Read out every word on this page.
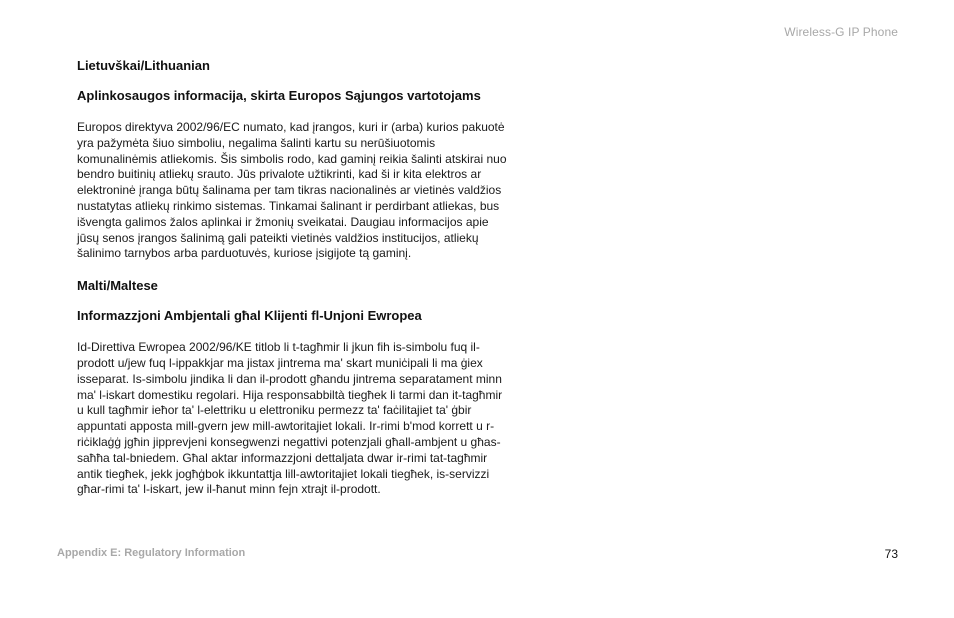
Wireless-G IP Phone
Lietuvškai/Lithuanian
Aplinkosaugos informacija, skirta Europos Sąjungos vartotojams

Europos direktyva 2002/96/EC numato, kad įrangos, kuri ir (arba) kurios pakuotė
yra pažymėta šiuo simboliu, negalima šalinti kartu su nerūšiuotomis
komunalinėmis atliekomis. Šis simbolis rodo, kad gaminį reikia šalinti atskirai nuo
bendro buitinių atliekų srauto. Jūs privalote užtikrinti, kad ši ir kita elektros ar
elektroninė įranga būtų šalinama per tam tikras nacionalinės ar vietinės valdžios
nustatytas atliekų rinkimo sistemas. Tinkamai šalinant ir perdirbant atliekas, bus
išvengta galimos žalos aplinkai ir žmonių sveikatai. Daugiau informacijos apie
jūsų senos įrangos šalinimą gali pateikti vietinės valdžios institucijos, atliekų
šalinimo tarnybos arba parduotuvės, kuriose įsigijote tą gaminį.

Malti/Maltese
Informazzjoni Ambjentali għal Klijenti fl-Unjoni Ewropea

Id-Direttiva Ewropea 2002/96/KE titlob li t-tagħmir li jkun fih is-simbolu fuq il-
prodott u/jew fuq l-ippakkjar ma jistax jintrema ma' skart muniċipali li ma ġiex
isseparat. Is-simbolu jindika li dan il-prodott għandu jintrema separatament minn
ma' l-iskart domestiku regolari. Hija responsabbiltà tiegħek li tarmi dan it-tagħmir
u kull tagħmir ieħor ta' l-elettriku u elettroniku permezz ta' faċilitajiet ta' ġbir
appuntati apposta mill-gvern jew mill-awtoritajiet lokali. Ir-rimi b'mod korrett u r-
riċiklaġġ jgħin jipprevjeni konsegwenzi negattivi potenzjali għall-ambjent u għas-
saħħa tal-bniedem. Għal aktar informazzjoni dettaljata dwar ir-rimi tat-tagħmir
antik tiegħek, jekk jogħġbok ikkuntattja lill-awtoritajiet lokali tiegħek, is-servizzi
għar-rimi ta' l-iskart, jew il-ħanut minn fejn xtrajt il-prodott.

Appendix E: Regulatory Information	73
